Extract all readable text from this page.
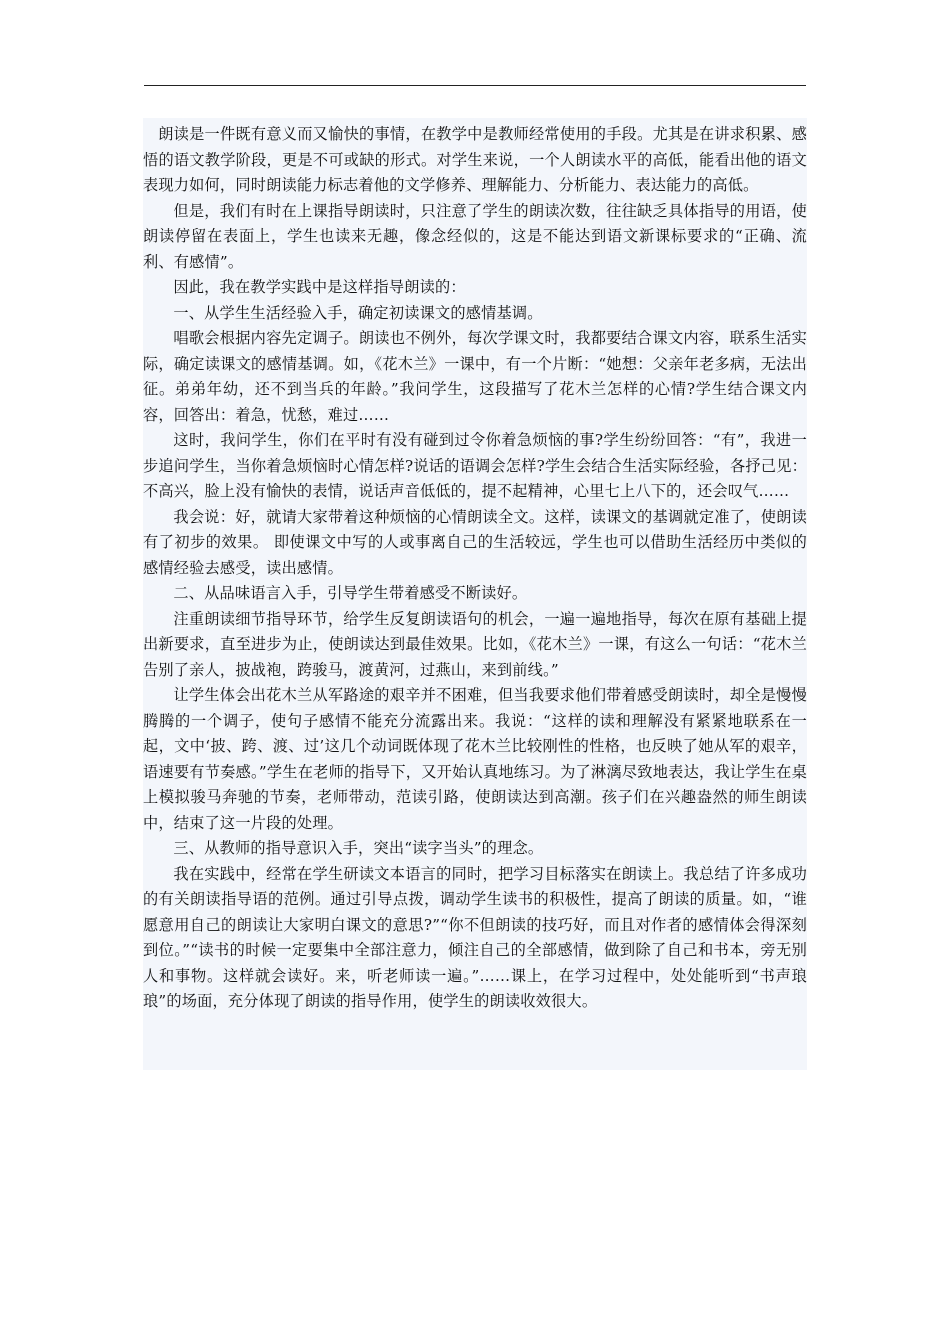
朗读是一件既有意义而又愉快的事情，在教学中是教师经常使用的手段。尤其是在讲求积累、感悟的语文教学阶段，更是不可或缺的形式。对学生来说，一个人朗读水平的高低，能看出他的语文表现力如何，同时朗读能力标志着他的文学修养、理解能力、分析能力、表达能力的高低。

但是，我们有时在上课指导朗读时，只注意了学生的朗读次数，往往缺乏具体指导的用语，使朗读停留在表面上，学生也读来无趣，像念经似的，这是不能达到语文新课标要求的“正确、流利、有感情”。

因此，我在教学实践中是这样指导朗读的：

一、从学生生活经验入手，确定初读课文的感情基调。

唱歌会根据内容先定调子。朗读也不例外，每次学课文时，我都要结合课文内容，联系生活实际，确定读课文的感情基调。如，《花木兰》一课中，有一个片断：“她想：父亲年老多病，无法出征。弟弟年幼，还不到当兵的年龄。”我问学生，这段描写了花木兰怎样的心情?学生结合课文内容，回答出：着急，忧愁，难过……

这时，我问学生，你们在平时有没有碰到过令你着急烦恼的事?学生纷纷回答：“有”，我进一步追问学生，当你着急烦恼时心情怎样?说话的语调会怎样?学生会结合生活实际经验，各抒己见：不高兴，脸上没有愉快的表情，说话声音低低的，提不起精神，心里七上八下的，还会叹气……

我会说：好，就请大家带着这种烦恼的心情朗读全文。这样，读课文的基调就定准了，使朗读有了初步的效果。 即使课文中写的人或事离自己的生活较远，学生也可以借助生活经历中类似的感情经验去感受，读出感情。

二、从品味语言入手，引导学生带着感受不断读好。

注重朗读细节指导环节，给学生反复朗读语句的机会，一遍一遍地指导，每次在原有基础上提出新要求，直至进步为止，使朗读达到最佳效果。比如，《花木兰》一课，有这么一句话：“花木兰告别了亲人，披战袍，跨骏马，渡黄河，过燕山，来到前线。”

让学生体会出花木兰从军路途的艰辛并不困难，但当我要求他们带着感受朗读时，却全是慢慢腾腾的一个调子，使句子感情不能充分流露出来。我说：“这样的读和理解没有紧紧地联系在一起，文中‘披、跨、渡、过’这几个动词既体现了花木兰比较刚性的性格，也反映了她从军的艰辛，语速要有节奏感。”学生在老师的指导下，又开始认真地练习。为了淋漓尽致地表达，我让学生在桌上模拟骏马奔驰的节奏，老师带动，范读引路，使朗读达到高潮。孩子们在兴趣盎然的师生朗读中，结束了这一片段的处理。

三、从教师的指导意识入手，突出“读字当头”的理念。

我在实践中，经常在学生研读文本语言的同时，把学习目标落实在朗读上。我总结了许多成功的有关朗读指导语的范例。通过引导点拨，调动学生读书的积极性，提高了朗读的质量。如，“谁愿意用自己的朗读让大家明白课文的意思?”“你不但朗读的技巧好，而且对作者的感情体会得深刻到位。”“读书的时候一定要集中全部注意力，倾注自己的全部感情，做到除了自己和书本，旁无别人和事物。这样就会读好。来，听老师读一遍。”……课上，在学习过程中，处处能听到“书声琅琅”的场面，充分体现了朗读的指导作用，使学生的朗读收效很大。
